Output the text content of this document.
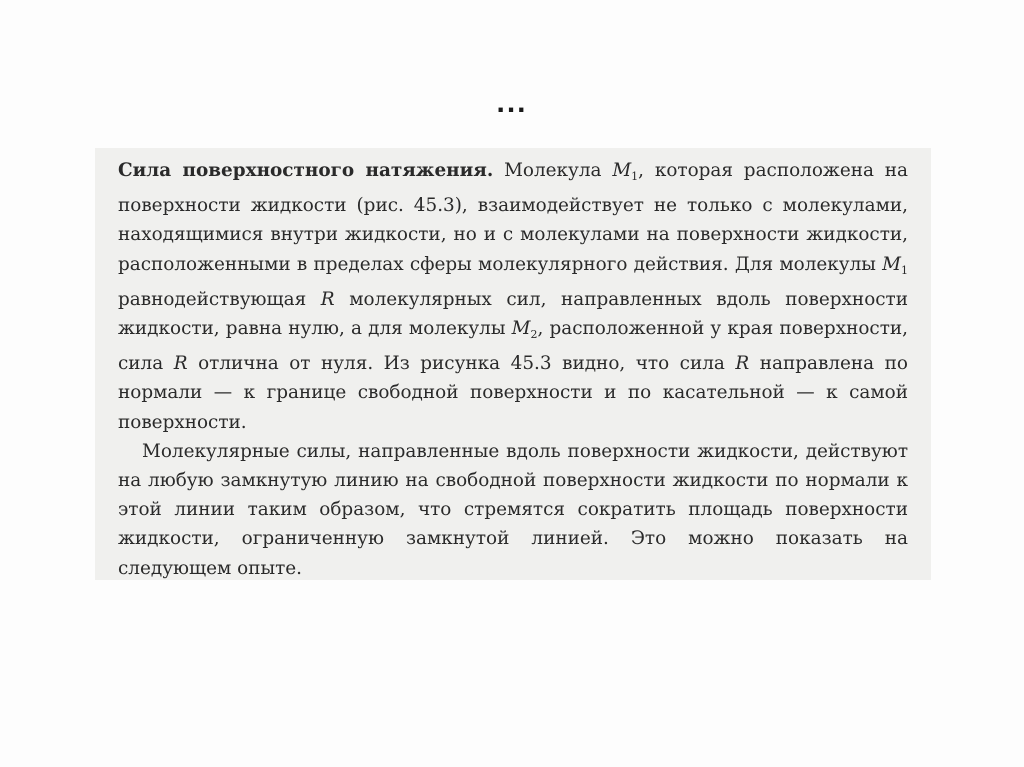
...

Сила поверхностного натяжения. Молекула $M_1$, которая расположена на поверхности жидкости (рис. 45.3), взаимодействует не только с молекулами, находящимися внутри жидкости, но и с молекулами на поверхности жидкости, расположенными в пределах сферы молекулярного действия. Для молекулы $M_1$ равнодействующая R молекулярных сил, направленных вдоль поверхности жидкости, равна нулю, а для молекулы $M_2$, расположенной у края поверхности, сила R отлична от нуля. Из рисунка 45.3 видно, что сила R направлена по нормали — к границе свободной поверхности и по касательной — к самой поверхности.

Молекулярные силы, направленные вдоль поверхности жидкости, действуют на любую замкнутую линию на свободной поверхности жидкости по нормали к этой линии таким образом, что стремятся сократить площадь поверхности жидкости, ограниченную замкнутой линией. Это можно показать на следующем опыте.
